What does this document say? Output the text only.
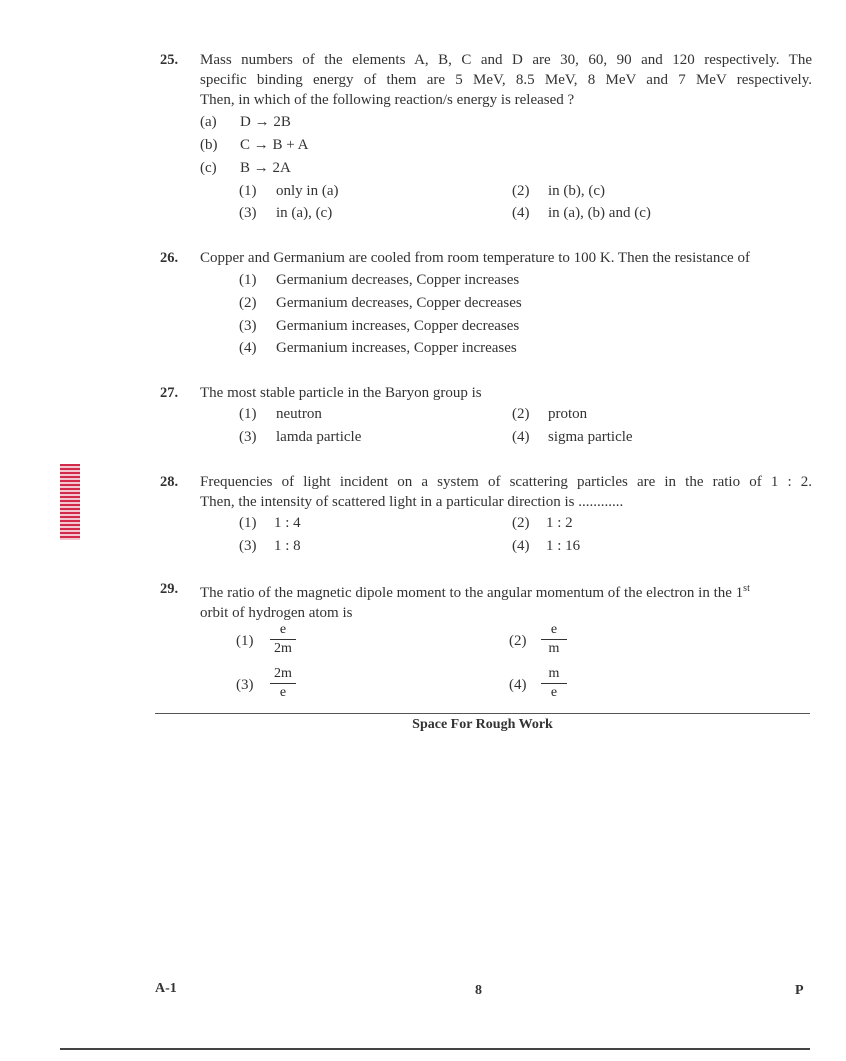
25. Mass numbers of the elements A, B, C and D are 30, 60, 90 and 120 respectively. The
specific binding energy of them are 5 MeV, 8.5 MeV, 8 MeV and 7 MeV respectively.
Then, in which of the following reaction/s energy is released ?
(a) D → 2B
(b) C → B + A
(c) B → 2A
(1) only in (a)	(2) in (b), (c)
(3) in (a), (c)	(4) in (a), (b) and (c)
26. Copper and Germanium are cooled from room temperature to 100 K. Then the resistance of
(1) Germanium decreases, Copper increases
(2) Germanium decreases, Copper decreases
(3) Germanium increases, Copper decreases
(4) Germanium increases, Copper increases
27. The most stable particle in the Baryon group is
(1) neutron	(2) proton
(3) lamda particle	(4) sigma particle
28. Frequencies of light incident on a system of scattering particles are in the ratio of 1 : 2.
Then, the intensity of scattered light in a particular direction is ............
(1) 1 : 4	(2) 1 : 2
(3) 1 : 8	(4) 1 : 16
29. The ratio of the magnetic dipole moment to the angular momentum of the electron in the 1st
orbit of hydrogen atom is
$(1) \frac{e}{2m}$	$(2) \frac{e}{m}$
$(3) \frac{2m}{e}$	$(4) \frac{m}{e}$
Space For Rough Work
A-1	8	P
